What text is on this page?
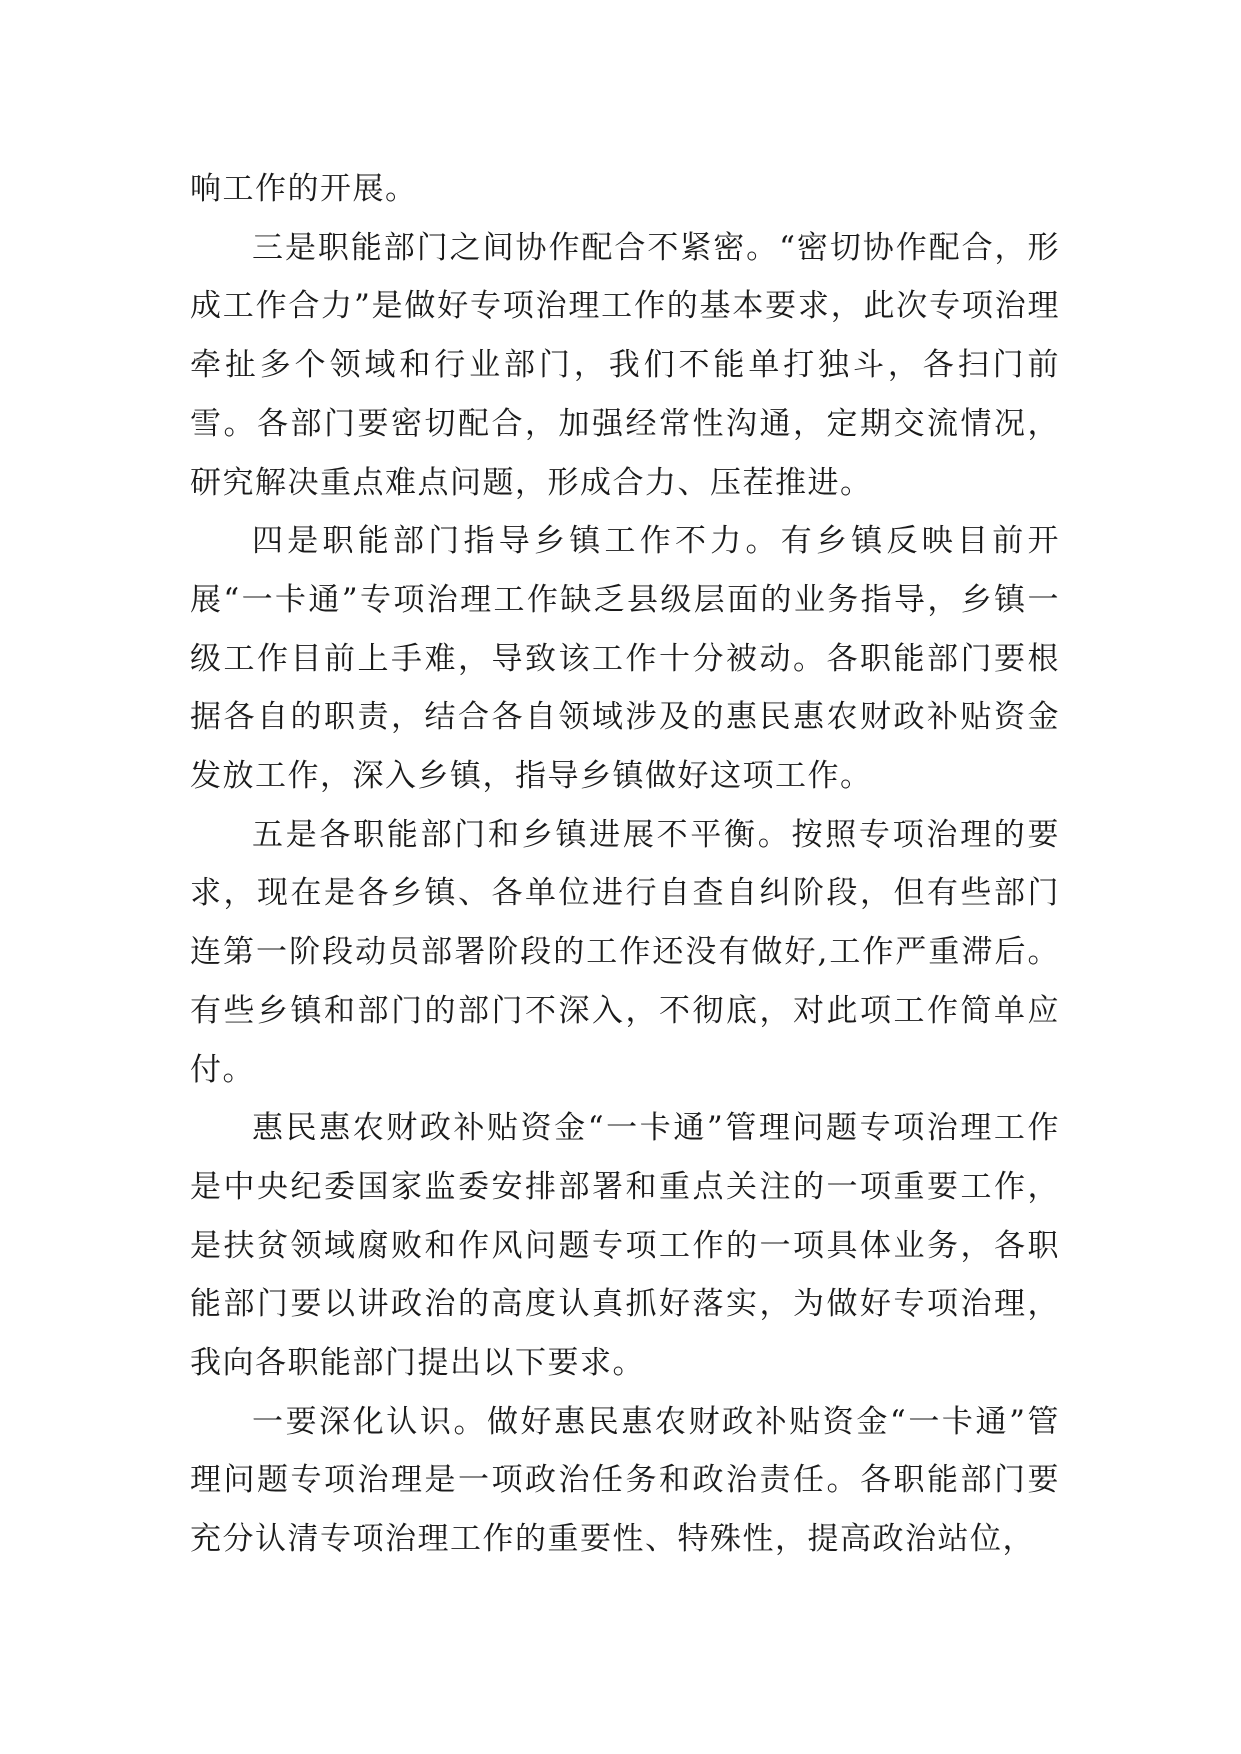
响工作的开展。

三是职能部门之间协作配合不紧密。“密切协作配合，形成工作合力”是做好专项治理工作的基本要求，此次专项治理牵扯多个领域和行业部门，我们不能单打独斗，各扫门前雪。各部门要密切配合，加强经常性沟通，定期交流情况，研究解决重点难点问题，形成合力、压茬推进。

四是职能部门指导乡镇工作不力。有乡镇反映目前开展“一卡通”专项治理工作缺乏县级层面的业务指导，乡镇一级工作目前上手难，导致该工作十分被动。各职能部门要根据各自的职责，结合各自领域涉及的惠民惠农财政补贴资金发放工作，深入乡镇，指导乡镇做好这项工作。

五是各职能部门和乡镇进展不平衡。按照专项治理的要求，现在是各乡镇、各单位进行自查自纠阶段，但有些部门连第一阶段动员部署阶段的工作还没有做好,工作严重滞后。有些乡镇和部门的部门不深入，不彻底，对此项工作简单应付。

惠民惠农财政补贴资金“一卡通”管理问题专项治理工作是中央纪委国家监委安排部署和重点关注的一项重要工作，是扶贫领域腐败和作风问题专项工作的一项具体业务，各职能部门要以讲政治的高度认真抓好落实，为做好专项治理，我向各职能部门提出以下要求。

一要深化认识。做好惠民惠农财政补贴资金“一卡通”管理问题专项治理是一项政治任务和政治责任。各职能部门要充分认清专项治理工作的重要性、特殊性，提高政治站位，
